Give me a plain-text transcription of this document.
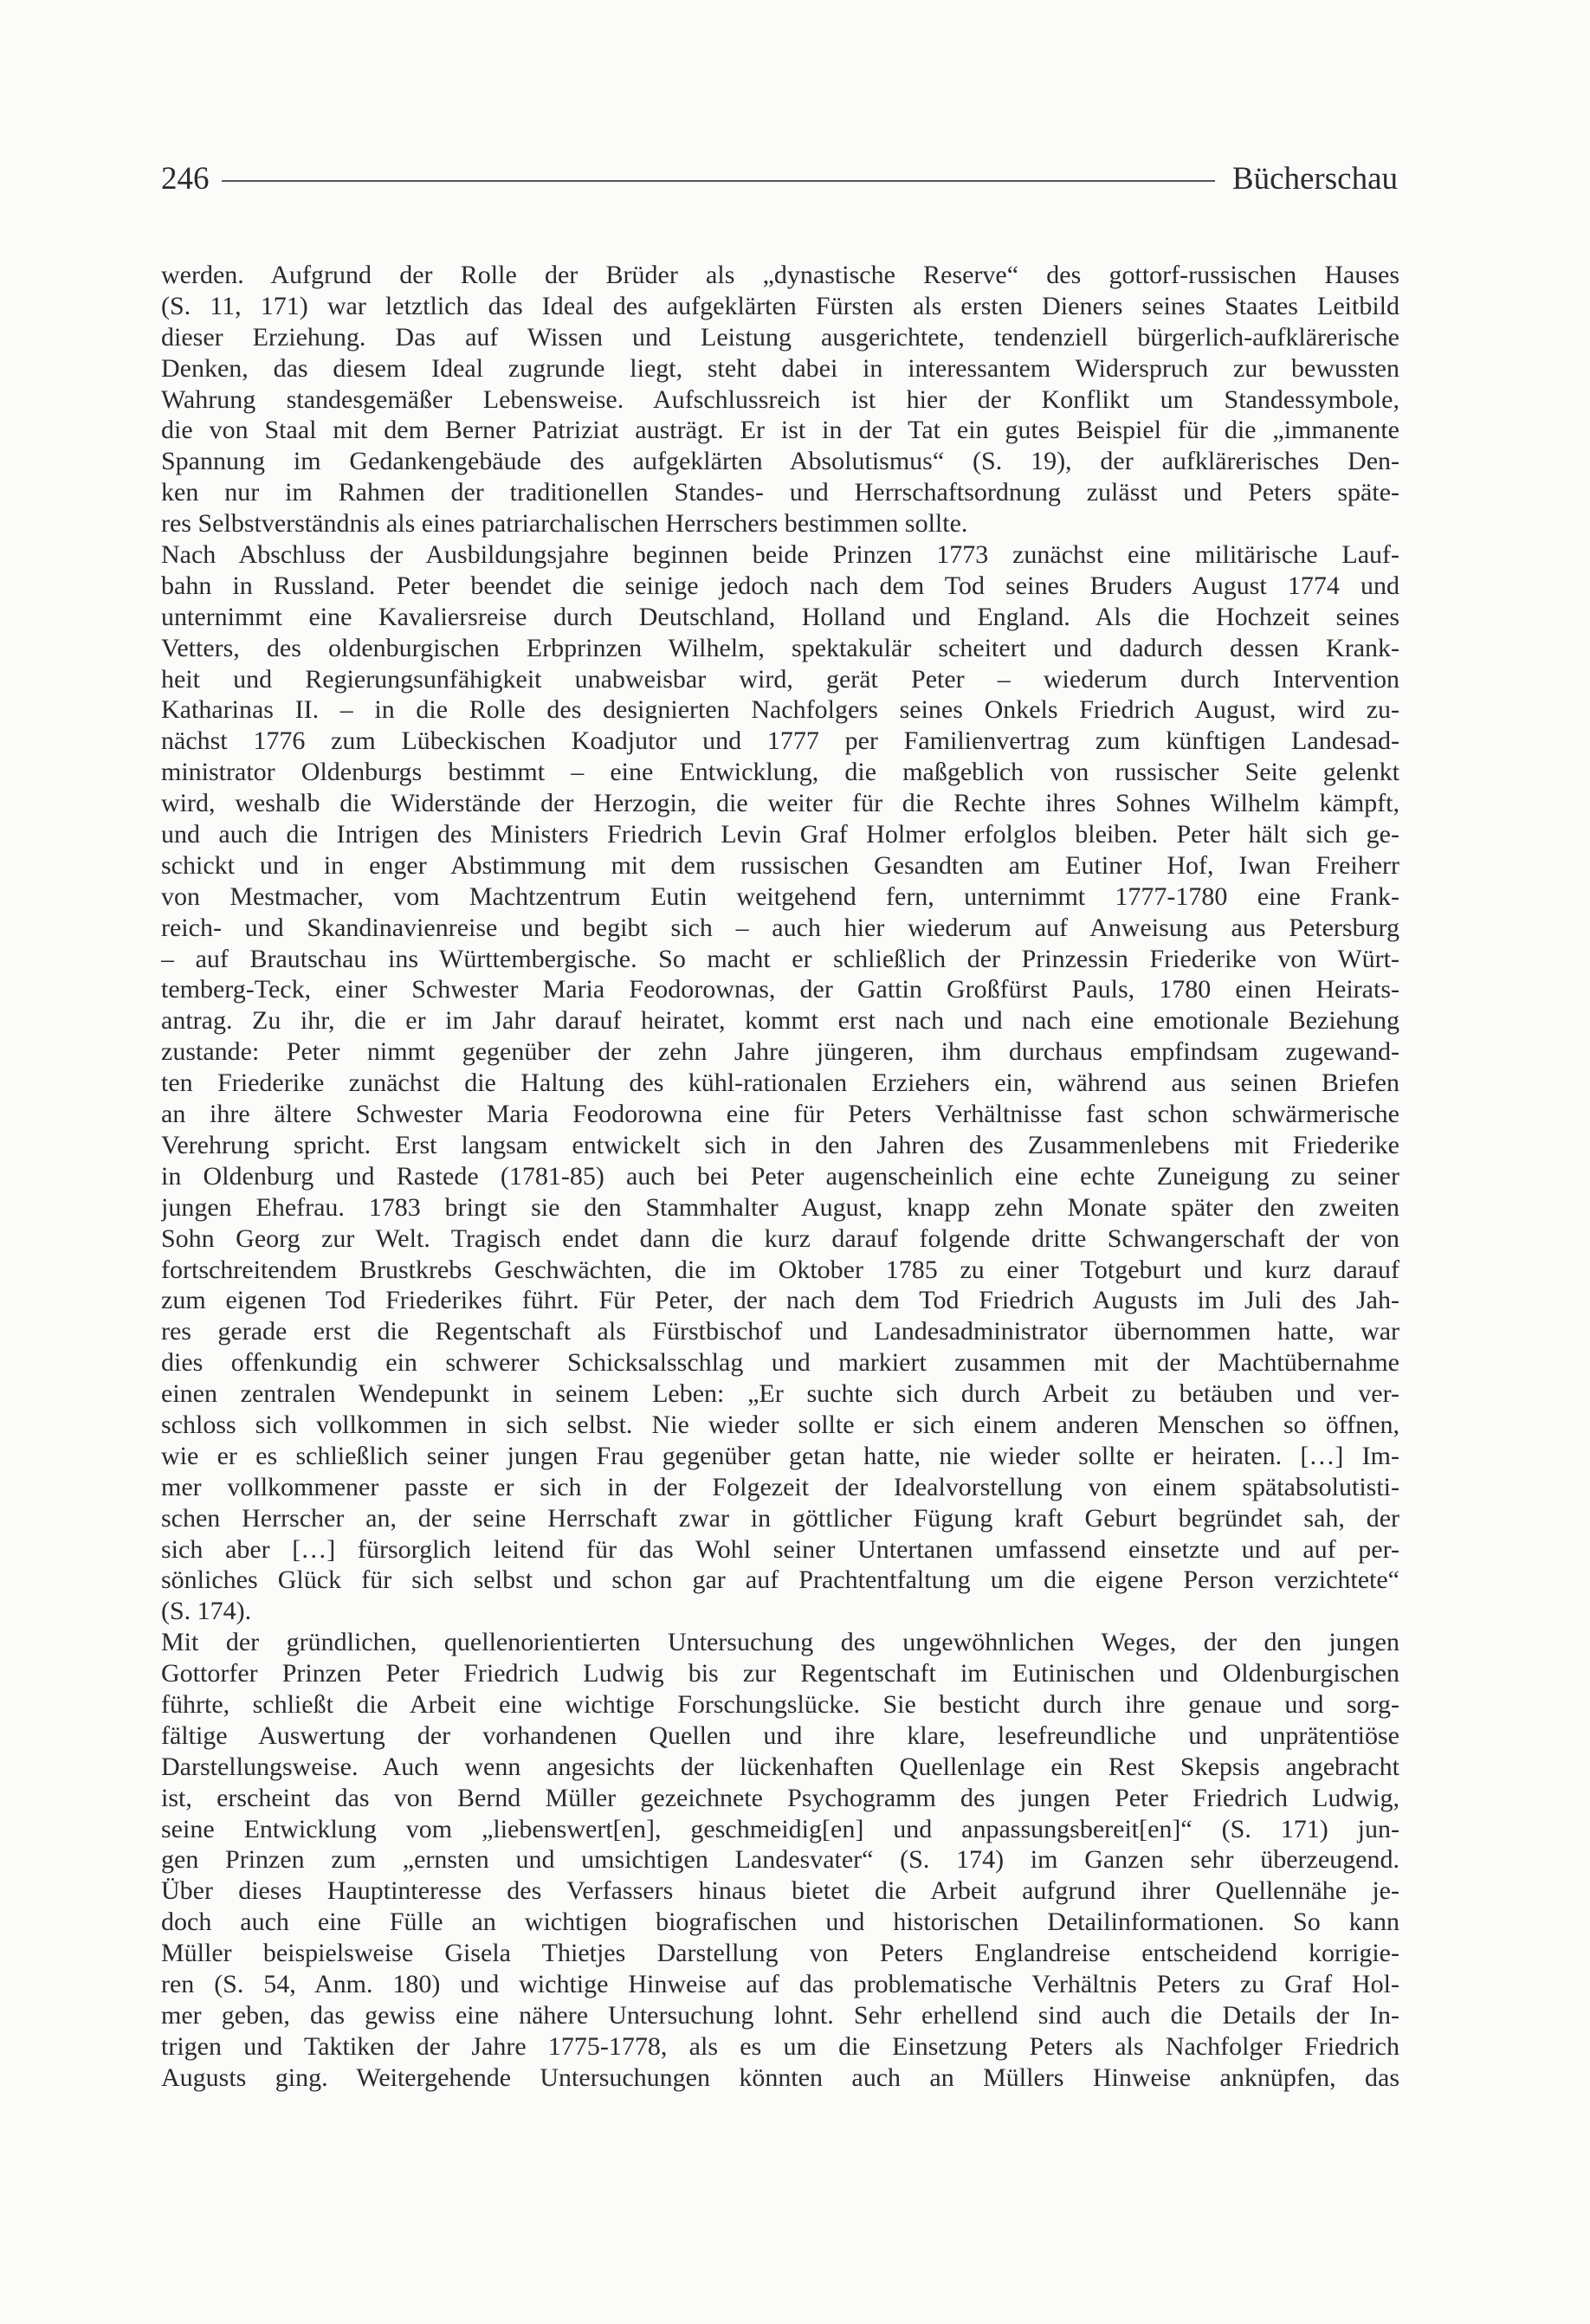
246	Bücherschau
werden. Aufgrund der Rolle der Brüder als „dynastische Reserve“ des gottorf-russischen Hauses
(S. 11, 171) war letztlich das Ideal des aufgeklärten Fürsten als ersten Dieners seines Staates Leitbild
dieser Erziehung. Das auf Wissen und Leistung ausgerichtete, tendenziell bürgerlich-aufklärerische
Denken, das diesem Ideal zugrunde liegt, steht dabei in interessantem Widerspruch zur bewussten
Wahrung standesgemäßer Lebensweise. Aufschlussreich ist hier der Konflikt um Standessymbole,
die von Staal mit dem Berner Patriziat austrägt. Er ist in der Tat ein gutes Beispiel für die „immanente
Spannung im Gedankengebäude des aufgeklärten Absolutismus“ (S. 19), der aufklärerisches Den-
ken nur im Rahmen der traditionellen Standes- und Herrschaftsordnung zulässt und Peters späte-
res Selbstverständnis als eines patriarchalischen Herrschers bestimmen sollte.
Nach Abschluss der Ausbildungsjahre beginnen beide Prinzen 1773 zunächst eine militärische Lauf-
bahn in Russland. Peter beendet die seinige jedoch nach dem Tod seines Bruders August 1774 und
unternimmt eine Kavaliersreise durch Deutschland, Holland und England. Als die Hochzeit seines
Vetters, des oldenburgischen Erbprinzen Wilhelm, spektakulär scheitert und dadurch dessen Krank-
heit und Regierungsunfähigkeit unabweisbar wird, gerät Peter – wiederum durch Intervention
Katharinas II. – in die Rolle des designierten Nachfolgers seines Onkels Friedrich August, wird zu-
nächst 1776 zum Lübeckischen Koadjutor und 1777 per Familienvertrag zum künftigen Landesad-
ministrator Oldenburgs bestimmt – eine Entwicklung, die maßgeblich von russischer Seite gelenkt
wird, weshalb die Widerstände der Herzogin, die weiter für die Rechte ihres Sohnes Wilhelm kämpft,
und auch die Intrigen des Ministers Friedrich Levin Graf Holmer erfolglos bleiben. Peter hält sich ge-
schickt und in enger Abstimmung mit dem russischen Gesandten am Eutiner Hof, Iwan Freiherr
von Mestmacher, vom Machtzentrum Eutin weitgehend fern, unternimmt 1777-1780 eine Frank-
reich- und Skandinavienreise und begibt sich – auch hier wiederum auf Anweisung aus Petersburg
– auf Brautschau ins Württembergische. So macht er schließlich der Prinzessin Friederike von Würt-
temberg-Teck, einer Schwester Maria Feodorownas, der Gattin Großfürst Pauls, 1780 einen Heirats-
antrag. Zu ihr, die er im Jahr darauf heiratet, kommt erst nach und nach eine emotionale Beziehung
zustande: Peter nimmt gegenüber der zehn Jahre jüngeren, ihm durchaus empfindsam zugewand-
ten Friederike zunächst die Haltung des kühl-rationalen Erziehers ein, während aus seinen Briefen
an ihre ältere Schwester Maria Feodorowna eine für Peters Verhältnisse fast schon schwärmerische
Verehrung spricht. Erst langsam entwickelt sich in den Jahren des Zusammenlebens mit Friederike
in Oldenburg und Rastede (1781-85) auch bei Peter augenscheinlich eine echte Zuneigung zu seiner
jungen Ehefrau. 1783 bringt sie den Stammhalter August, knapp zehn Monate später den zweiten
Sohn Georg zur Welt. Tragisch endet dann die kurz darauf folgende dritte Schwangerschaft der von
fortschreitendem Brustkrebs Geschwächten, die im Oktober 1785 zu einer Totgeburt und kurz darauf
zum eigenen Tod Friederikes führt. Für Peter, der nach dem Tod Friedrich Augusts im Juli des Jah-
res gerade erst die Regentschaft als Fürstbischof und Landesadministrator übernommen hatte, war
dies offenkundig ein schwerer Schicksalsschlag und markiert zusammen mit der Machtübernahme
einen zentralen Wendepunkt in seinem Leben: „Er suchte sich durch Arbeit zu betäuben und ver-
schloss sich vollkommen in sich selbst. Nie wieder sollte er sich einem anderen Menschen so öffnen,
wie er es schließlich seiner jungen Frau gegenüber getan hatte, nie wieder sollte er heiraten. […] Im-
mer vollkommener passte er sich in der Folgezeit der Idealvorstellung von einem spätabsolutisti-
schen Herrscher an, der seine Herrschaft zwar in göttlicher Fügung kraft Geburt begründet sah, der
sich aber […] fürsorglich leitend für das Wohl seiner Untertanen umfassend einsetzte und auf per-
sönliches Glück für sich selbst und schon gar auf Prachtentfaltung um die eigene Person verzichtete“
(S. 174).
Mit der gründlichen, quellenorientierten Untersuchung des ungewöhnlichen Weges, der den jungen
Gottorfer Prinzen Peter Friedrich Ludwig bis zur Regentschaft im Eutinischen und Oldenburgischen
führte, schließt die Arbeit eine wichtige Forschungslücke. Sie besticht durch ihre genaue und sorg-
fältige Auswertung der vorhandenen Quellen und ihre klare, lesefreundliche und unprätentiöse
Darstellungsweise. Auch wenn angesichts der lückenhaften Quellenlage ein Rest Skepsis angebracht
ist, erscheint das von Bernd Müller gezeichnete Psychogramm des jungen Peter Friedrich Ludwig,
seine Entwicklung vom „liebenswert[en], geschmeidig[en] und anpassungsbereit[en]“ (S. 171) jun-
gen Prinzen zum „ernsten und umsichtigen Landesvater“ (S. 174) im Ganzen sehr überzeugend.
Über dieses Hauptinteresse des Verfassers hinaus bietet die Arbeit aufgrund ihrer Quellennähe je-
doch auch eine Fülle an wichtigen biografischen und historischen Detailinformationen. So kann
Müller beispielsweise Gisela Thietjes Darstellung von Peters Englandreise entscheidend korrigie-
ren (S. 54, Anm. 180) und wichtige Hinweise auf das problematische Verhältnis Peters zu Graf Hol-
mer geben, das gewiss eine nähere Untersuchung lohnt. Sehr erhellend sind auch die Details der In-
trigen und Taktiken der Jahre 1775-1778, als es um die Einsetzung Peters als Nachfolger Friedrich
Augusts ging. Weitergehende Untersuchungen könnten auch an Müllers Hinweise anknüpfen, das
